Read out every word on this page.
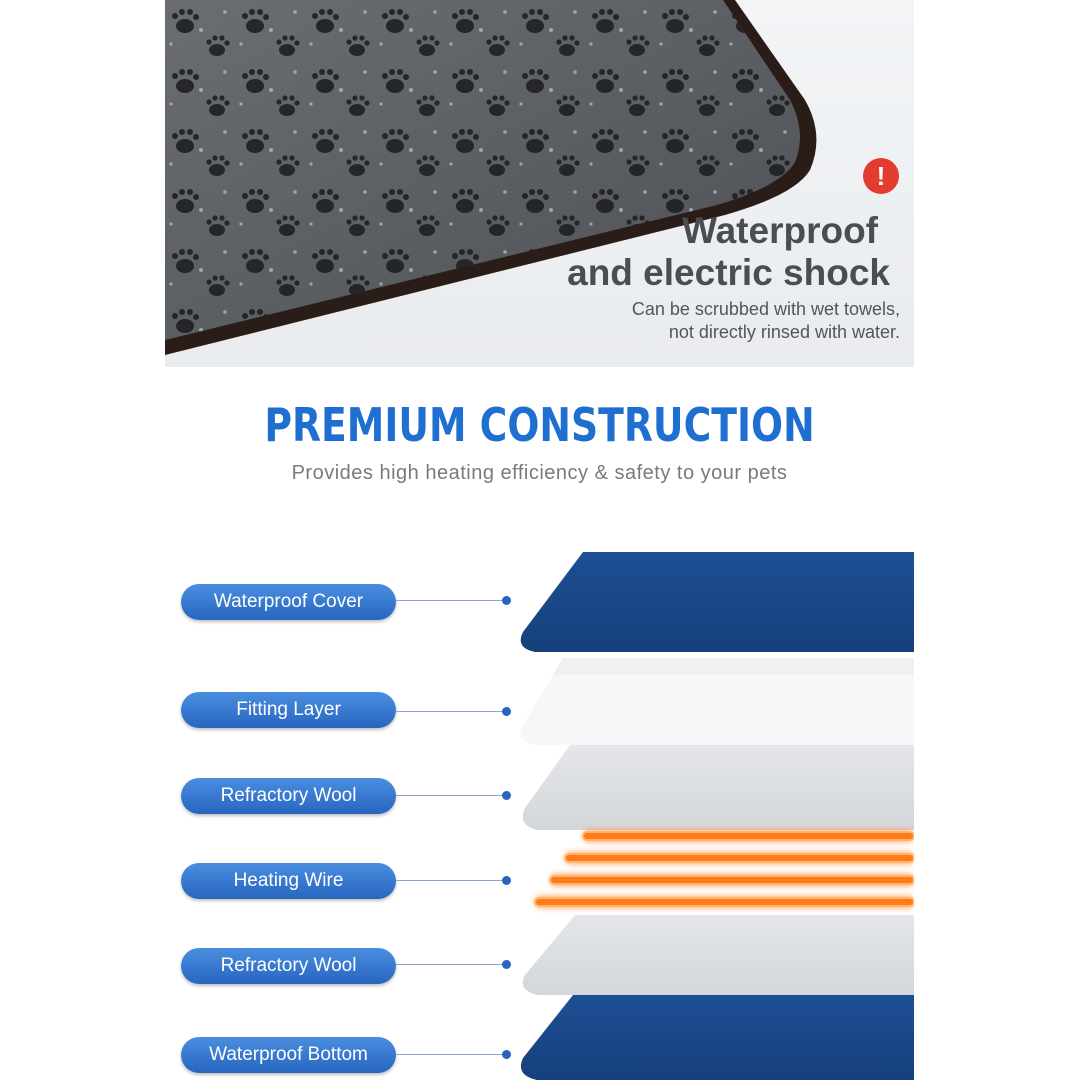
!
Waterproof
and electric shock
Can be scrubbed with wet towels,
not directly rinsed with water.
PREMIUM CONSTRUCTION
Provides high heating efficiency & safety to your pets
Waterproof Cover
Fitting Layer
Refractory Wool
Heating Wire
Refractory Wool
Waterproof Bottom
